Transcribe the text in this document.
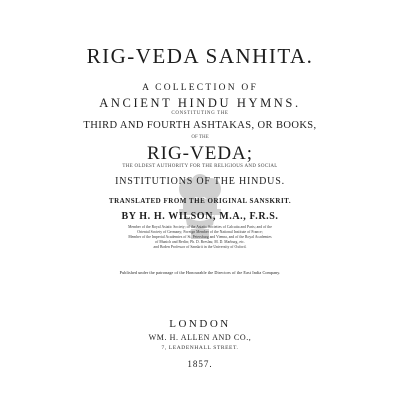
RIG-VEDA SANHITA.
A COLLECTION OF
ANCIENT HINDU HYMNS.
CONSTITUTING THE
THIRD AND FOURTH ASHTAKAS, OR BOOKS,
OF THE
RIG-VEDA;
THE OLDEST AUTHORITY FOR THE RELIGIOUS AND SOCIAL
INSTITUTIONS OF THE HINDUS.
TRANSLATED FROM THE ORIGINAL SANSKRIT.
BY H. H. WILSON, M.A., F.R.S.
Member of the Royal Asiatic Society; of the Asiatic Societies of Calcutta and Paris; and of the
Oriental Society of Germany; Foreign Member of the National Institute of France;
Member of the Imperial Academies of St. Petersburg and Vienna, and of the Royal Academies
of Munich and Berlin; Ph. D. Breslau; M. D. Marburg, etc.
and Boden Professor of Sanskrit in the University of Oxford.
Published under the patronage of the Honourable the Directors of the East India Company.
LONDON
WM. H. ALLEN AND CO.,
7, LEADENHALL STREET.
1857.
